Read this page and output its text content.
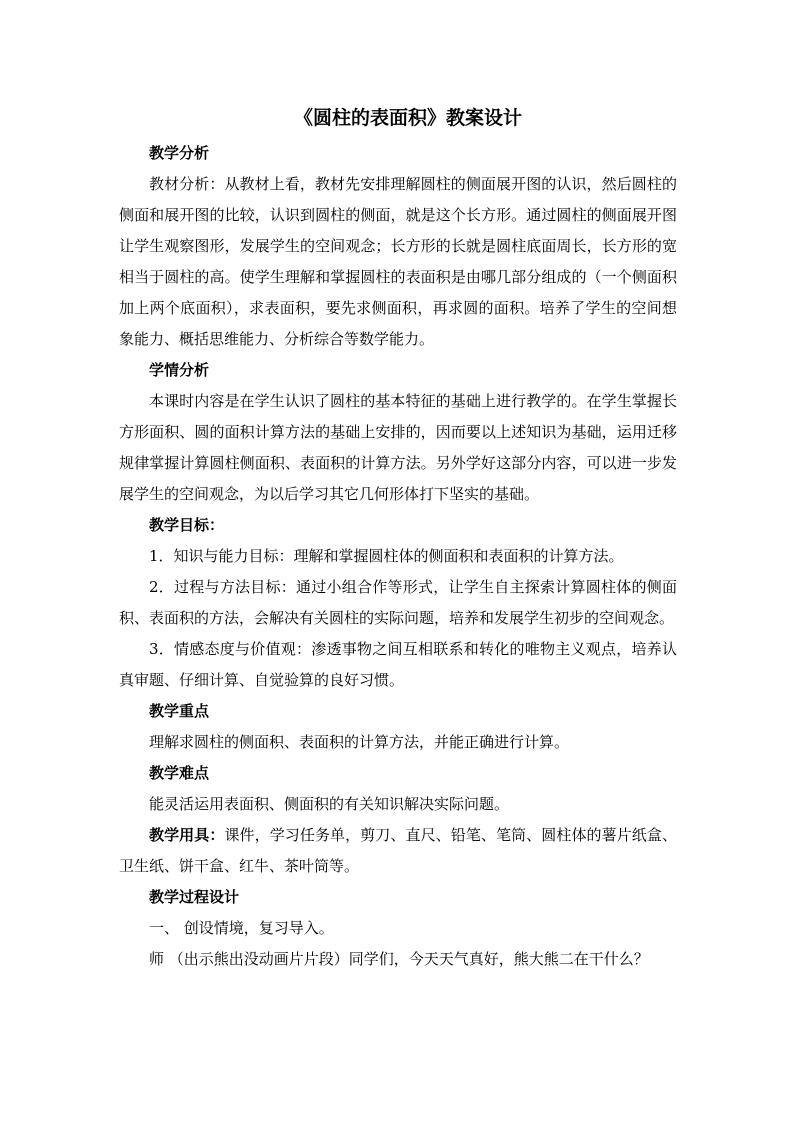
《圆柱的表面积》教案设计

教学分析

教材分析：从教材上看，教材先安排理解圆柱的侧面展开图的认识，然后圆柱的侧面和展开图的比较，认识到圆柱的侧面，就是这个长方形。通过圆柱的侧面展开图让学生观察图形，发展学生的空间观念；长方形的长就是圆柱底面周长，长方形的宽相当于圆柱的高。使学生理解和掌握圆柱的表面积是由哪几部分组成的（一个侧面积加上两个底面积），求表面积，要先求侧面积，再求圆的面积。培养了学生的空间想象能力、概括思维能力、分析综合等数学能力。

学情分析

本课时内容是在学生认识了圆柱的基本特征的基础上进行教学的。在学生掌握长方形面积、圆的面积计算方法的基础上安排的，因而要以上述知识为基础，运用迁移规律掌握计算圆柱侧面积、表面积的计算方法。另外学好这部分内容，可以进一步发展学生的空间观念，为以后学习其它几何形体打下坚实的基础。

教学目标：

1．知识与能力目标：理解和掌握圆柱体的侧面积和表面积的计算方法。

2．过程与方法目标：通过小组合作等形式，让学生自主探索计算圆柱体的侧面积、表面积的方法，会解决有关圆柱的实际问题，培养和发展学生初步的空间观念。

3．情感态度与价值观：渗透事物之间互相联系和转化的唯物主义观点，培养认真审题、仔细计算、自觉验算的良好习惯。

教学重点

理解求圆柱的侧面积、表面积的计算方法，并能正确进行计算。

教学难点

能灵活运用表面积、侧面积的有关知识解决实际问题。

教学用具：课件，学习任务单，剪刀、直尺、铅笔、笔筒、圆柱体的薯片纸盒、卫生纸、饼干盒、红牛、茶叶筒等。

教学过程设计

一、 创设情境，复习导入。

师 （出示熊出没动画片片段）同学们，今天天气真好，熊大熊二在干什么？
